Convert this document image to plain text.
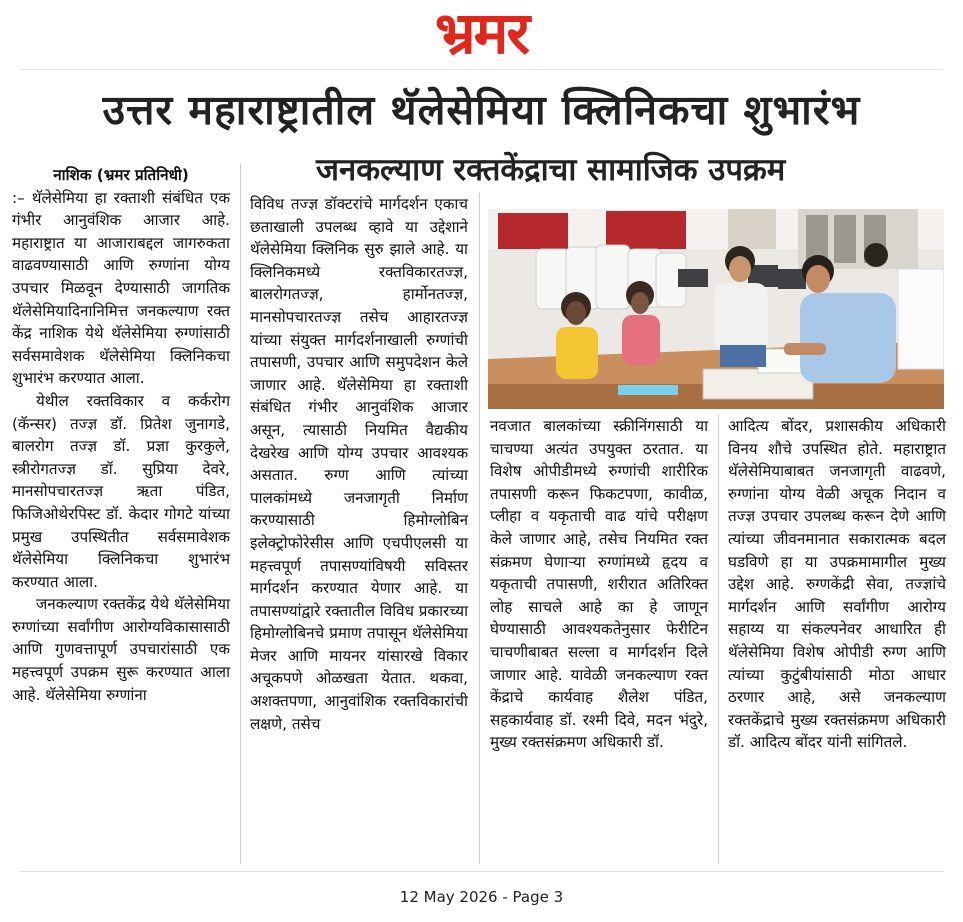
भ्रमर
उत्तर महाराष्ट्रातील थॅलेसेमिया क्लिनिकचा शुभारंभ
जनकल्याण रक्तकेंद्राचा सामाजिक उपक्रम

नाशिक (भ्रमर प्रतिनिधी)

:– थॅलेसेमिया हा रक्ताशी संबंधित एक गंभीर आनुवंशिक आजार आहे. महाराष्ट्रात या आजाराबद्दल जागरुकता वाढवण्यासाठी आणि रुग्णांना योग्य उपचार मिळवून देण्यासाठी जागतिक थॅलेसेमियादिनानिमित्त जनकल्याण रक्त केंद्र नाशिक येथे थॅलेसेमिया रुग्णांसाठी सर्वसमावेशक थॅलेसेमिया क्लिनिकचा शुभारंभ करण्यात आला.

येथील रक्तविकार व कर्करोग (कॅन्सर) तज्ज्ञ डॉ. प्रितेश जुनागडे, बालरोग तज्ज्ञ डॉ. प्रज्ञा कुरकुले, स्त्रीरोगतज्ज्ञ डॉ. सुप्रिया देवरे, मानसोपचारतज्ज्ञ ऋता पंडित, फिजिओथेरपिस्ट डॉ. केदार गोगटे यांच्या प्रमुख उपस्थितीत सर्वसमावेशक थॅलेसेमिया क्लिनिकचा शुभारंभ करण्यात आला.

जनकल्याण रक्तकेंद्र येथे थॅलेसेमिया रुग्णांच्या सर्वांगीण आरोग्यविकासासाठी आणि गुणवत्तापूर्ण उपचारांसाठी एक महत्त्वपूर्ण उपक्रम सुरू करण्यात आला आहे. थॅलेसेमिया रुग्णांना

विविध तज्ज्ञ डॉक्टरांचे मार्गदर्शन एकाच छताखाली उपलब्ध व्हावे या उद्देशाने थॅलेसेमिया क्लिनिक सुरु झाले आहे. या क्लिनिकमध्ये रक्तविकारतज्ज्ञ, बालरोगतज्ज्ञ, हार्मोनतज्ज्ञ, मानसोपचारतज्ज्ञ तसेच आहारतज्ज्ञ यांच्या संयुक्त मार्गदर्शनाखाली रुग्णांची तपासणी, उपचार आणि समुपदेशन केले जाणार आहे. थॅलेसेमिया हा रक्ताशी संबंधित गंभीर आनुवंशिक आजार असून, त्यासाठी नियमित वैद्यकीय देखरेख आणि योग्य उपचार आवश्यक असतात. रुग्ण आणि त्यांच्या पालकांमध्ये जनजागृती निर्माण करण्यासाठी हिमोग्लोबिन इलेक्ट्रोफोरेसीस आणि एचपीएलसी या महत्त्वपूर्ण तपासण्यांविषयी सविस्तर मार्गदर्शन करण्यात येणार आहे. या तपासण्यांद्वारे रक्तातील विविध प्रकारच्या हिमोग्लोबिनचे प्रमाण तपासून थॅलेसेमिया मेजर आणि मायनर यांसारखे विकार अचूकपणे ओळखता येतात. थकवा, अशक्तपणा, आनुवांशिक रक्तविकारांची लक्षणे, तसेच

नवजात बालकांच्या स्क्रीनिंगसाठी या चाचण्या अत्यंत उपयुक्त ठरतात. या विशेष ओपीडीमध्ये रुग्णांची शारीरिक तपासणी करून फिकटपणा, कावीळ, प्लीहा व यकृताची वाढ यांचे परीक्षण केले जाणार आहे, तसेच नियमित रक्त संक्रमण घेणाऱ्या रुग्णांमध्ये हृदय व यकृताची तपासणी, शरीरात अतिरिक्त लोह साचले आहे का हे जाणून घेण्यासाठी आवश्यकतेनुसार फेरीटिन चाचणीबाबत सल्ला व मार्गदर्शन दिले जाणार आहे. यावेळी जनकल्याण रक्त केंद्राचे कार्यवाह शैलेश पंडित, सहकार्यवाह डॉ. रश्मी दिवे, मदन भंदुरे, मुख्य रक्तसंक्रमण अधिकारी डॉ.

आदित्य बोंदर, प्रशासकीय अधिकारी विनय शौचे उपस्थित होते. महाराष्ट्रात थॅलेसेमियाबाबत जनजागृती वाढवणे, रुग्णांना योग्य वेळी अचूक निदान व तज्ज्ञ उपचार उपलब्ध करून देणे आणि त्यांच्या जीवनमानात सकारात्मक बदल घडविणे हा या उपक्रमामागील मुख्य उद्देश आहे. रुग्णकेंद्री सेवा, तज्ज्ञांचे मार्गदर्शन आणि सर्वांगीण आरोग्य सहाय्य या संकल्पनेवर आधारित ही थॅलेसेमिया विशेष ओपीडी रुग्ण आणि त्यांच्या कुटुंबीयांसाठी मोठा आधार ठरणार आहे, असे जनकल्याण रक्तकेंद्राचे मुख्य रक्तसंक्रमण अधिकारी डॉ. आदित्य बोंदर यांनी सांगितले.

12 May 2026 - Page 3
